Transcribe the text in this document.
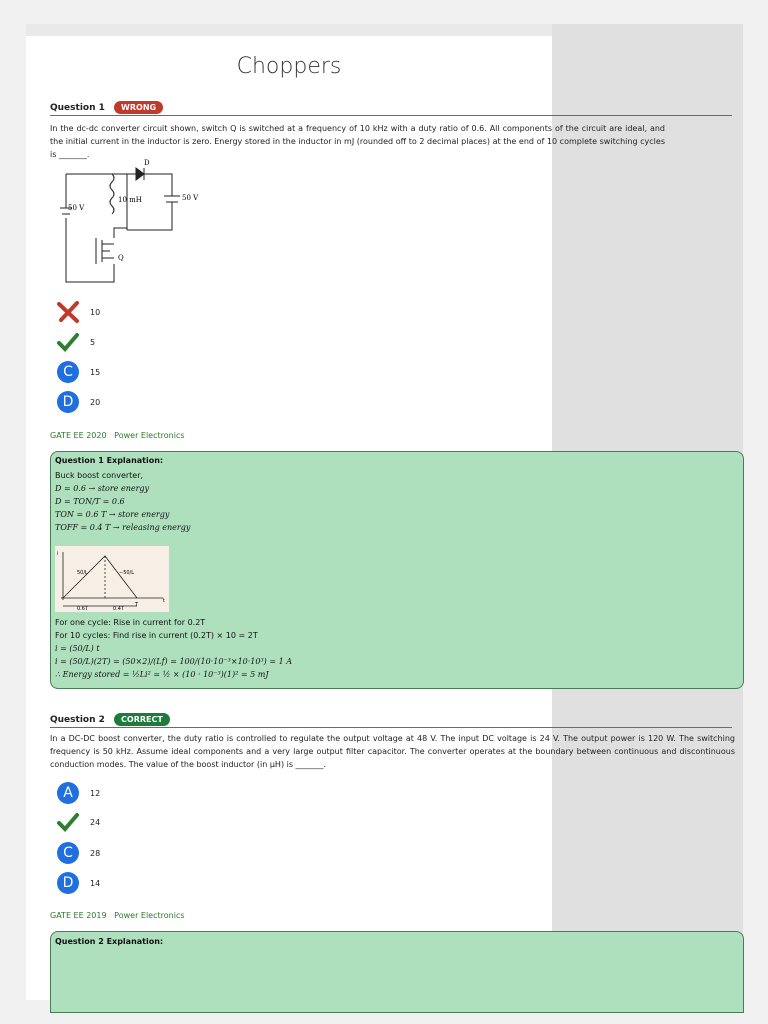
Choppers
Question 1 WRONG
In the dc-dc converter circuit shown, switch Q is switched at a frequency of 10 kHz with a duty ratio of 0.6. All components of the circuit are ideal, and the initial current in the inductor is zero. Energy stored in the inductor in mJ (rounded off to 2 decimal places) at the end of 10 complete switching cycles is _______.
D
10 mH
50 V
50 V
Q
10
5
C	15
D	20
GATE EE 2020   Power Electronics
Question 1 Explanation:
Buck boost converter,
D = 0.6 → store energy
D = TON/T = 0.6
TON = 0.6 T → store energy
TOFF = 0.4 T → releasing energy
i
t
50/L	−50/L
0.6T	0.4T
T
For one cycle: Rise in current for 0.2T
For 10 cycles: Find rise in current (0.2T) × 10 = 2T
i = (50/L) t
i = (50/L)(2T) = (50×2)/(Lf) = 100/(10·10⁻³×10·10³) = 1 A
∴ Energy stored = ½Li² = ½ × (10 · 10⁻³)(1)² = 5 mJ
Question 2 CORRECT
In a DC-DC boost converter, the duty ratio is controlled to regulate the output voltage at 48 V. The input DC voltage is 24 V. The output power is 120 W. The switching frequency is 50 kHz. Assume ideal components and a very large output filter capacitor. The converter operates at the boundary between continuous and discontinuous conduction modes. The value of the boost inductor (in μH) is _______.
A	12
24
C	28
D	14
GATE EE 2019   Power Electronics
Question 2 Explanation:
